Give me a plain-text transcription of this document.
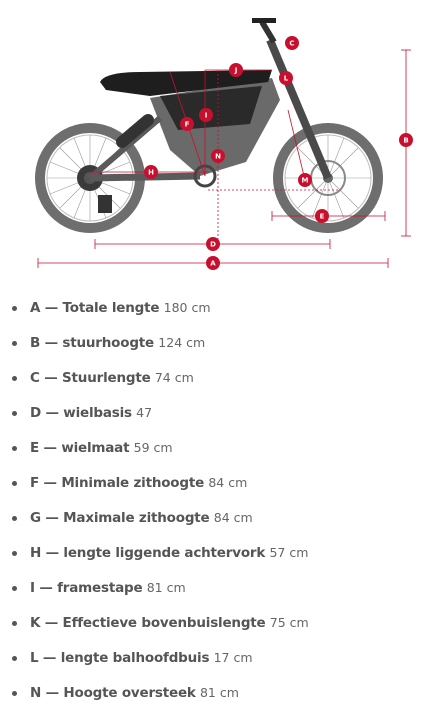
A
B
C
D
E
F
H
I
J
L
M
N
A — Totale lengte 180 cm
B — stuurhoogte 124 cm
C — Stuurlengte 74 cm
D — wielbasis 47
E — wielmaat 59 cm
F — Minimale zithoogte 84 cm
G — Maximale zithoogte 84 cm
H — lengte liggende achtervork 57 cm
I — framestape 81 cm
K — Effectieve bovenbuislengte 75 cm
L — lengte balhoofdbuis 17 cm
N — Hoogte oversteek 81 cm
